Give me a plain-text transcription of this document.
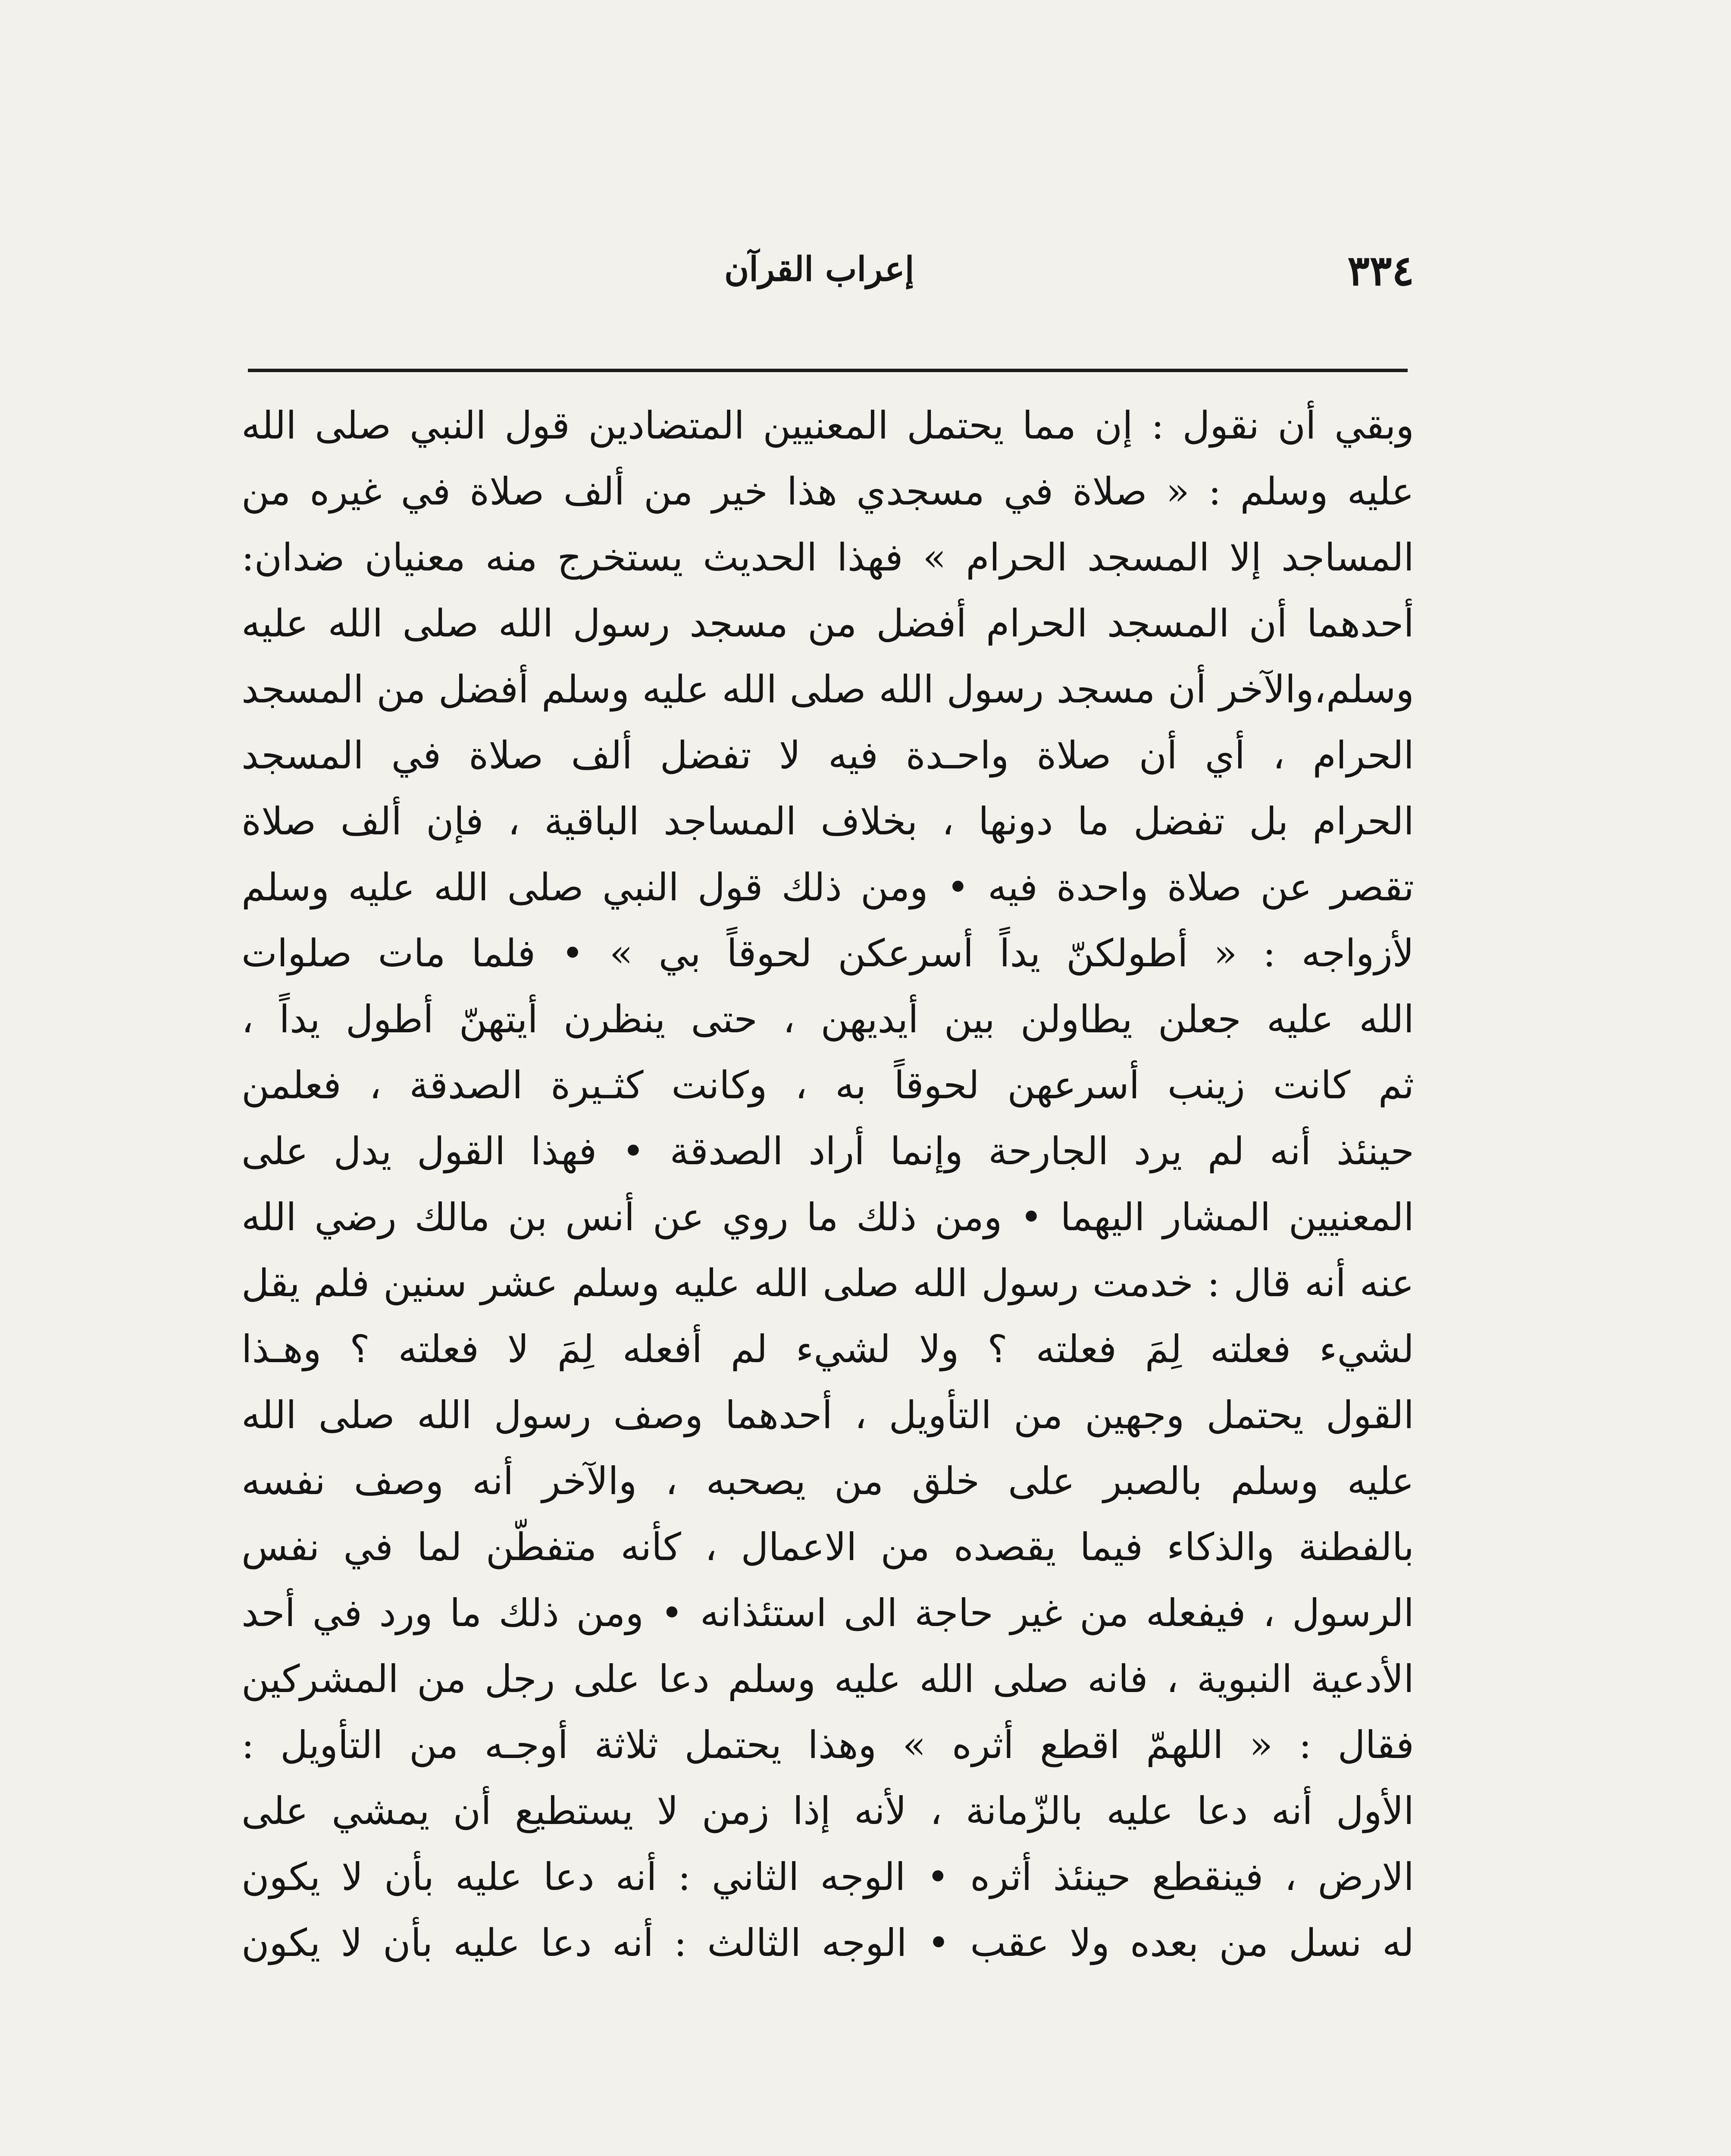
٣٣٤
إعراب القرآن
وبقي أن نقول : إن مما يحتمل المعنيين المتضادين قول النبي صلى الله
عليه وسلم : « صلاة في مسجدي هذا خير من ألف صلاة في غيره من
المساجد إلا المسجد الحرام » فهذا الحديث يستخرج منه معنيان ضدان:
أحدهما أن المسجد الحرام أفضل من مسجد رسول الله صلى الله عليه
وسلم،والآخر أن مسجد رسول الله صلى الله عليه وسلم أفضل من المسجد
الحرام ، أي أن صلاة واحـدة فيه لا تفضل ألف صلاة في المسجد
الحرام بل تفضل ما دونها ، بخلاف المساجد الباقية ، فإن ألف صلاة
تقصر عن صلاة واحدة فيه • ومن ذلك قول النبي صلى الله عليه وسلم
لأزواجه : « أطولكنّ يداً أسرعكن لحوقاً بي » • فلما مات صلوات
الله عليه جعلن يطاولن بين أيديهن ، حتى ينظرن أيتهنّ أطول يداً ،
ثم كانت زينب أسرعهن لحوقاً به ، وكانت كثـيرة الصدقة ، فعلمن
حينئذ أنه لم يرد الجارحة وإنما أراد الصدقة • فهذا القول يدل على
المعنيين المشار اليهما • ومن ذلك ما روي عن أنس بن مالك رضي الله
عنه أنه قال : خدمت رسول الله صلى الله عليه وسلم عشر سنين فلم يقل
لشيء فعلته لِمَ فعلته ؟ ولا لشيء لم أفعله لِمَ لا فعلته ؟ وهـذا
القول يحتمل وجهين من التأويل ، أحدهما وصف رسول الله صلى الله
عليه وسلم بالصبر على خلق من يصحبه ، والآخر أنه وصف نفسه
بالفطنة والذكاء فيما يقصده من الاعمال ، كأنه متفطّن لما في نفس
الرسول ، فيفعله من غير حاجة الى استئذانه • ومن ذلك ما ورد في أحد
الأدعية النبوية ، فانه صلى الله عليه وسلم دعا على رجل من المشركين
فقال : « اللهمّ اقطع أثره » وهذا يحتمل ثلاثة أوجـه من التأويل :
الأول أنه دعا عليه بالزّمانة ، لأنه إذا زمن لا يستطيع أن يمشي على
الارض ، فينقطع حينئذ أثره • الوجه الثاني : أنه دعا عليه بأن لا يكون
له نسل من بعده ولا عقب • الوجه الثالث : أنه دعا عليه بأن لا يكون
